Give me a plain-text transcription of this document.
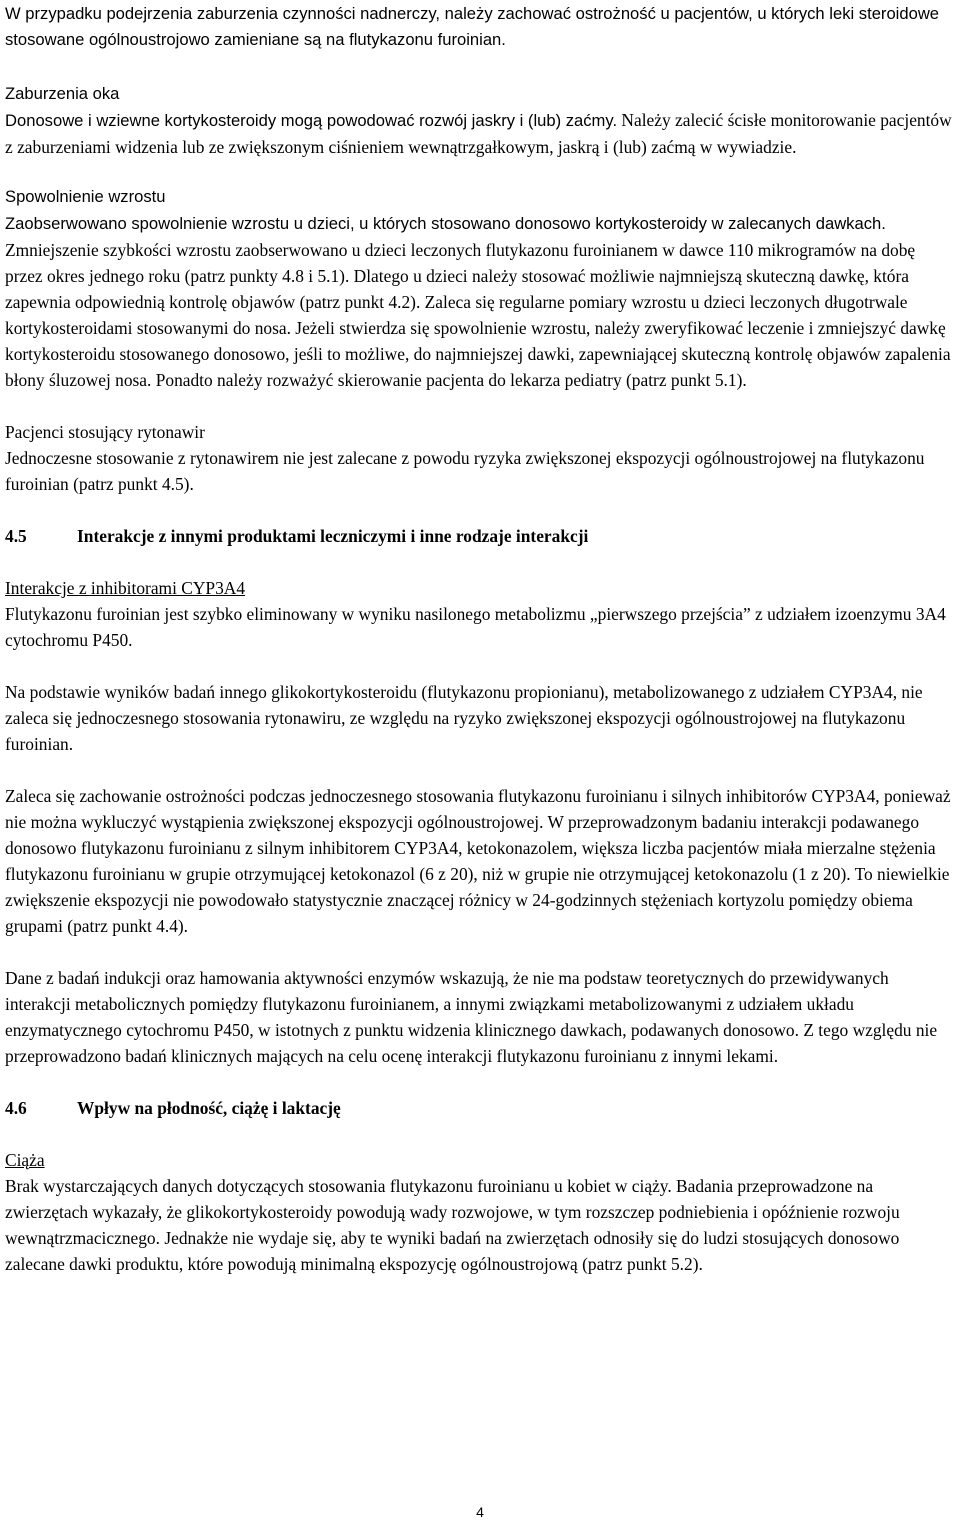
W przypadku podejrzenia zaburzenia czynności nadnerczy, należy zachować ostrożność u pacjentów, u których leki steroidowe stosowane ogólnoustrojowo zamieniane są na flutykazonu furoinian.

Zaburzenia oka

Donosowe i wziewne kortykosteroidy mogą powodować rozwój jaskry i (lub) zaćmy. Należy zalecić ścisłe monitorowanie pacjentów z zaburzeniami widzenia lub ze zwiększonym ciśnieniem wewnątrzgałkowym, jaskrą i (lub) zaćmą w wywiadzie.

Spowolnienie wzrostu

Zaobserwowano spowolnienie wzrostu u dzieci, u których stosowano donosowo kortykosteroidy w zalecanych dawkach. Zmniejszenie szybkości wzrostu zaobserwowano u dzieci leczonych flutykazonu furoinianem w dawce 110 mikrogramów na dobę przez okres jednego roku (patrz punkty 4.8 i 5.1). Dlatego u dzieci należy stosować możliwie najmniejszą skuteczną dawkę, która zapewnia odpowiednią kontrolę objawów (patrz punkt 4.2). Zaleca się regularne pomiary wzrostu u dzieci leczonych długotrwale kortykosteroidami stosowanymi do nosa. Jeżeli stwierdza się spowolnienie wzrostu, należy zweryfikować leczenie i zmniejszyć dawkę kortykosteroidu stosowanego donosowo, jeśli to możliwe, do najmniejszej dawki, zapewniającej skuteczną kontrolę objawów zapalenia błony śluzowej nosa. Ponadto należy rozważyć skierowanie pacjenta do lekarza pediatry (patrz punkt 5.1).

Pacjenci stosujący rytonawir

Jednoczesne stosowanie z rytonawirem nie jest zalecane z powodu ryzyka zwiększonej ekspozycji ogólnoustrojowej na flutykazonu furoinian (patrz punkt 4.5).

4.5	Interakcje z innymi produktami leczniczymi i inne rodzaje interakcji

Interakcje z inhibitorami CYP3A4

Flutykazonu furoinian jest szybko eliminowany w wyniku nasilonego metabolizmu „pierwszego przejścia” z udziałem izoenzymu 3A4 cytochromu P450.

Na podstawie wyników badań innego glikokortykosteroidu (flutykazonu propionianu), metabolizowanego z udziałem CYP3A4, nie zaleca się jednoczesnego stosowania rytonawiru, ze względu na ryzyko zwiększonej ekspozycji ogólnoustrojowej na flutykazonu furoinian.

Zaleca się zachowanie ostrożności podczas jednoczesnego stosowania flutykazonu furoinianu i silnych inhibitorów CYP3A4, ponieważ nie można wykluczyć wystąpienia zwiększonej ekspozycji ogólnoustrojowej. W przeprowadzonym badaniu interakcji podawanego donosowo flutykazonu furoinianu z silnym inhibitorem CYP3A4, ketokonazolem, większa liczba pacjentów miała mierzalne stężenia flutykazonu furoinianu w grupie otrzymującej ketokonazol (6 z 20), niż w grupie nie otrzymującej ketokonazolu (1 z 20). To niewielkie zwiększenie ekspozycji nie powodowało statystycznie znaczącej różnicy w 24-godzinnych stężeniach kortyzolu pomiędzy obiema grupami (patrz punkt 4.4).

Dane z badań indukcji oraz hamowania aktywności enzymów wskazują, że nie ma podstaw teoretycznych do przewidywanych interakcji metabolicznych pomiędzy flutykazonu furoinianem, a innymi związkami metabolizowanymi z udziałem układu enzymatycznego cytochromu P450, w istotnych z punktu widzenia klinicznego dawkach, podawanych donosowo. Z tego względu nie przeprowadzono badań klinicznych mających na celu ocenę interakcji flutykazonu furoinianu z innymi lekami.

4.6	Wpływ na płodność, ciążę i laktację

Ciąża

Brak wystarczających danych dotyczących stosowania flutykazonu furoinianu u kobiet w ciąży. Badania przeprowadzone na zwierzętach wykazały, że glikokortykosteroidy powodują wady rozwojowe, w tym rozszczep podniebienia i opóźnienie rozwoju wewnątrzmacicznego. Jednakże nie wydaje się, aby te wyniki badań na zwierzętach odnosiły się do ludzi stosujących donosowo zalecane dawki produktu, które powodują minimalną ekspozycję ogólnoustrojową (patrz punkt 5.2).

4
